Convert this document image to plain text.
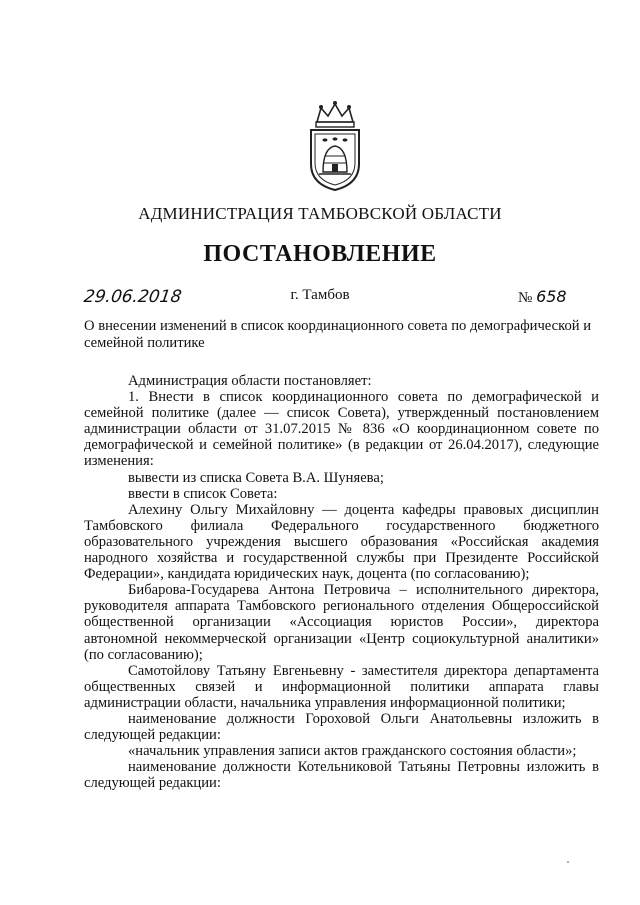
АДМИНИСТРАЦИЯ ТАМБОВСКОЙ ОБЛАСТИ
ПОСТАНОВЛЕНИЕ
29.06.2018	г. Тамбов	№ 658
О внесении изменений в список координационного совета по демографической и семейной политике

Администрация области постановляет:

1. Внести в список координационного совета по демографической и семейной политике (далее — список Совета), утвержденный постановлением администрации области от 31.07.2015 № 836 «О координационном совете по демографической и семейной политике» (в редакции от 26.04.2017), следующие изменения:

вывести из списка Совета В.А. Шуняева;

ввести в список Совета:

Алехину Ольгу Михайловну — доцента кафедры правовых дисциплин Тамбовского филиала Федерального государственного бюджетного образовательного учреждения высшего образования «Российская академия народного хозяйства и государственной службы при Президенте Российской Федерации», кандидата юридических наук, доцента (по согласованию);

Бибарова-Государева Антона Петровича – исполнительного директора, руководителя аппарата Тамбовского регионального отделения Общероссийской общественной организации «Ассоциация юристов России», директора автономной некоммерческой организации «Центр социокультурной аналитики» (по согласованию);

Самотойлову Татьяну Евгеньевну - заместителя директора департамента общественных связей и информационной политики аппарата главы администрации области, начальника управления информационной политики;

наименование должности Гороховой Ольги Анатольевны изложить в следующей редакции:

«начальник управления записи актов гражданского состояния области»;

наименование должности Котельниковой Татьяны Петровны изложить в следующей редакции:
